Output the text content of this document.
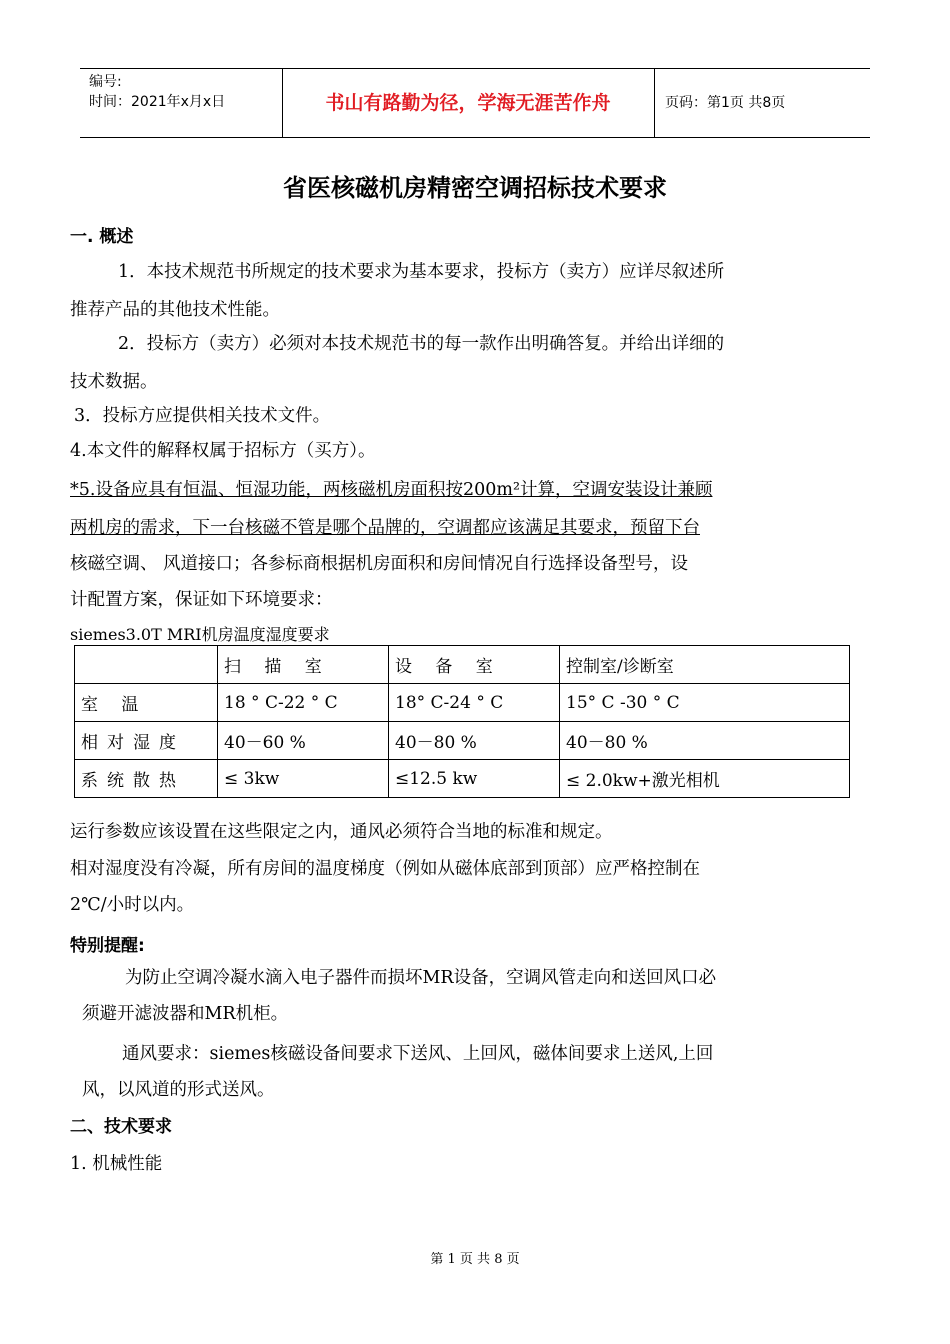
编号:
时间：2021年x月x日	书山有路勤为径，学海无涯苦作舟	页码：第1页 共8页
省医核磁机房精密空调招标技术要求
一. 概述
1．本技术规范书所规定的技术要求为基本要求，投标方（卖方）应详尽叙述所
推荐产品的其他技术性能。
2．投标方（卖方）必须对本技术规范书的每一款作出明确答复。并给出详细的
技术数据。
3．投标方应提供相关技术文件。
4.本文件的解释权属于招标方（买方）。
*5.设备应具有恒温、恒湿功能，两核磁机房面积按200m²计算，空调安装设计兼顾
两机房的需求，下一台核磁不管是哪个品牌的，空调都应该满足其要求，预留下台
核磁空调、 风道接口；各参标商根据机房面积和房间情况自行选择设备型号，设
计配置方案，保证如下环境要求：
siemes3.0T MRI机房温度湿度要求
	扫 描 室	设 备 室	控制室/诊断室
室 温	18 ° C-22 ° C	18° C-24 ° C	15° C -30 ° C
相对湿度	40－60 %	40－80 %	40－80 %
系统散热	≤ 3kw	≤12.5 kw	≤ 2.0kw+激光相机
运行参数应该设置在这些限定之内，通风必须符合当地的标准和规定。
相对湿度没有冷凝，所有房间的温度梯度（例如从磁体底部到顶部）应严格控制在
2℃/小时以内。
特别提醒:
为防止空调冷凝水滴入电子器件而损坏MR设备，空调风管走向和送回风口必
须避开滤波器和MR机柜。
通风要求：siemes核磁设备间要求下送风、上回风，磁体间要求上送风,上回
风，以风道的形式送风。
二、技术要求
1. 机械性能
第 1 页 共 8 页
